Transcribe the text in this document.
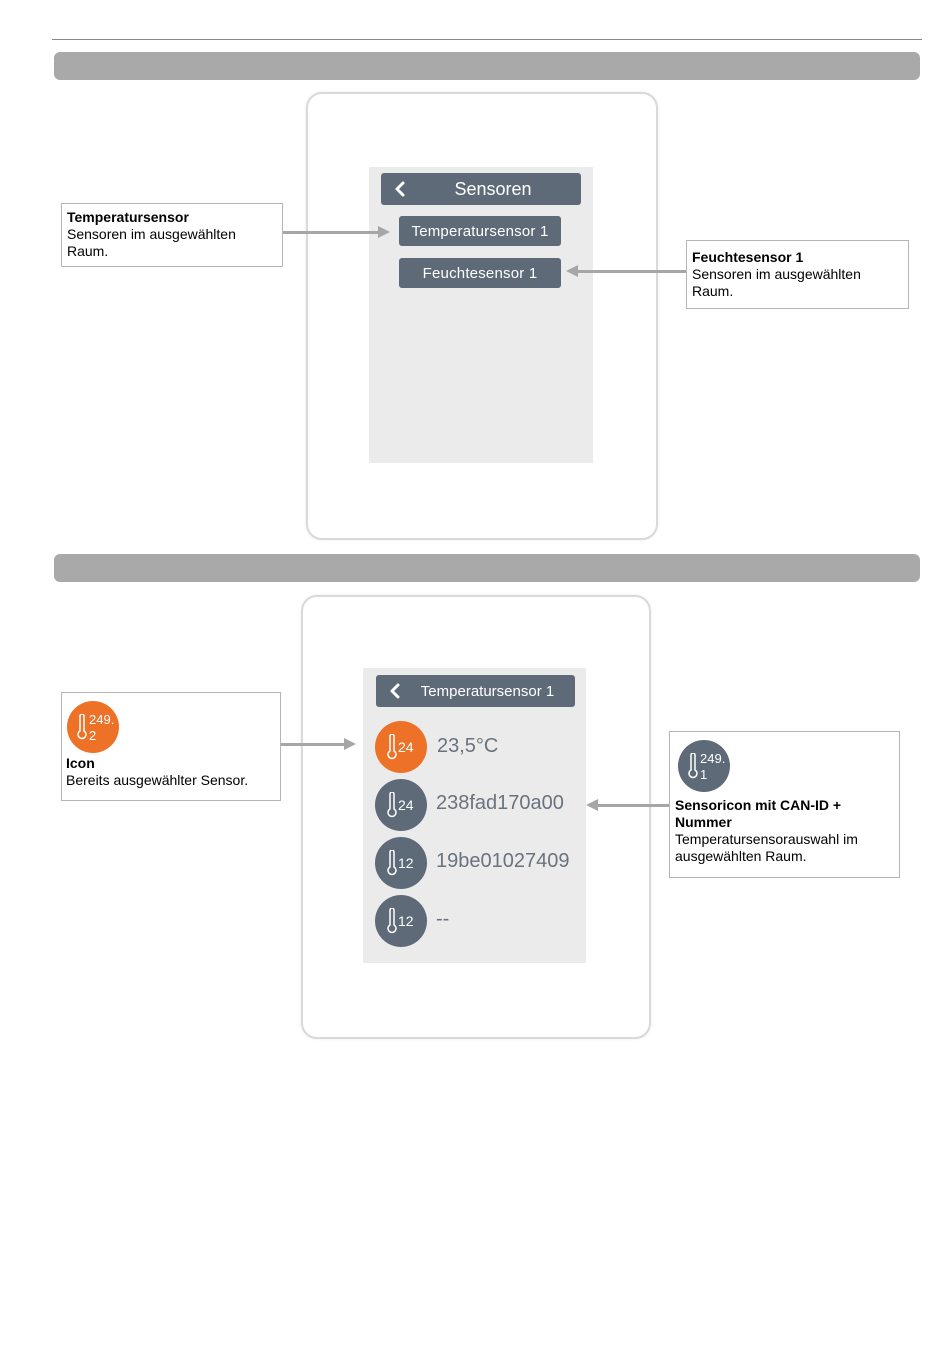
Sensoren
Temperatursensor 1
Feuchtesensor 1
Temperatursensor
Sensoren im ausgewählten Raum.	Feuchtesensor 1
Sensoren im ausgewählten Raum.
Temperatursensor 1
24 23,5°C
24 238fad170a00
12 19be01027409
12 --
249.
2
Icon
Bereits ausgewählter Sensor.
249.
1
Sensoricon mit CAN-ID + Nummer
Temperatursensorauswahl im ausgewählten Raum.
